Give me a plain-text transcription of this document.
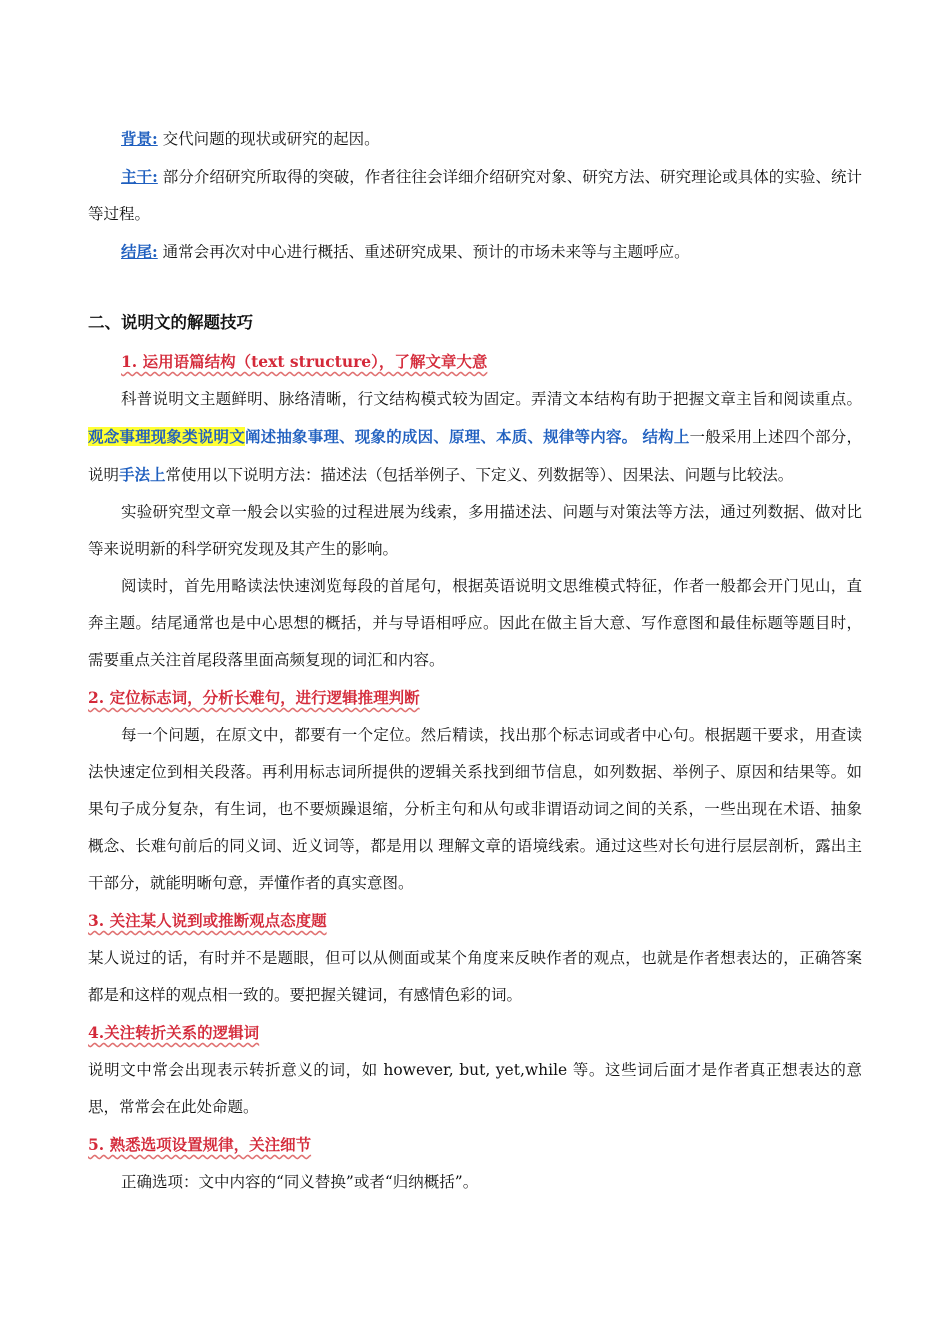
背景: 交代问题的现状或研究的起因。

主干: 部分介绍研究所取得的突破，作者往往会详细介绍研究对象、研究方法、研究理论或具体的实验、统计等过程。

结尾: 通常会再次对中心进行概括、重述研究成果、预计的市场未来等与主题呼应。

二、说明文的解题技巧

1. 运用语篇结构（text structure），了解文章大意

科普说明文主题鲜明、脉络清晰，行文结构模式较为固定。弄清文本结构有助于把握文章主旨和阅读重点。观念事理现象类说明文阐述抽象事理、现象的成因、原理、本质、规律等内容。 结构上一般采用上述四个部分，说明手法上常使用以下说明方法：描述法（包括举例子、下定义、列数据等）、因果法、问题与比较法。

实验研究型文章一般会以实验的过程进展为线索，多用描述法、问题与对策法等方法，通过列数据、做对比等来说明新的科学研究发现及其产生的影响。

阅读时，首先用略读法快速浏览每段的首尾句，根据英语说明文思维模式特征，作者一般都会开门见山，直奔主题。结尾通常也是中心思想的概括，并与导语相呼应。因此在做主旨大意、写作意图和最佳标题等题目时，需要重点关注首尾段落里面高频复现的词汇和内容。

2. 定位标志词，分析长难句，进行逻辑推理判断

每一个问题，在原文中，都要有一个定位。然后精读，找出那个标志词或者中心句。根据题干要求，用查读法快速定位到相关段落。再利用标志词所提供的逻辑关系找到细节信息，如列数据、举例子、原因和结果等。如果句子成分复杂，有生词，也不要烦躁退缩，分析主句和从句或非谓语动词之间的关系，一些出现在术语、抽象概念、长难句前后的同义词、近义词等，都是用以 理解文章的语境线索。通过这些对长句进行层层剖析，露出主干部分，就能明晰句意，弄懂作者的真实意图。

3. 关注某人说到或推断观点态度题

某人说过的话，有时并不是题眼，但可以从侧面或某个角度来反映作者的观点，也就是作者想表达的，正确答案都是和这样的观点相一致的。要把握关键词，有感情色彩的词。

4.关注转折关系的逻辑词

说明文中常会出现表示转折意义的词，如 however, but, yet,while 等。这些词后面才是作者真正想表达的意思，常常会在此处命题。

5. 熟悉选项设置规律，关注细节

正确选项：文中内容的“同义替换”或者“归纳概括”。
